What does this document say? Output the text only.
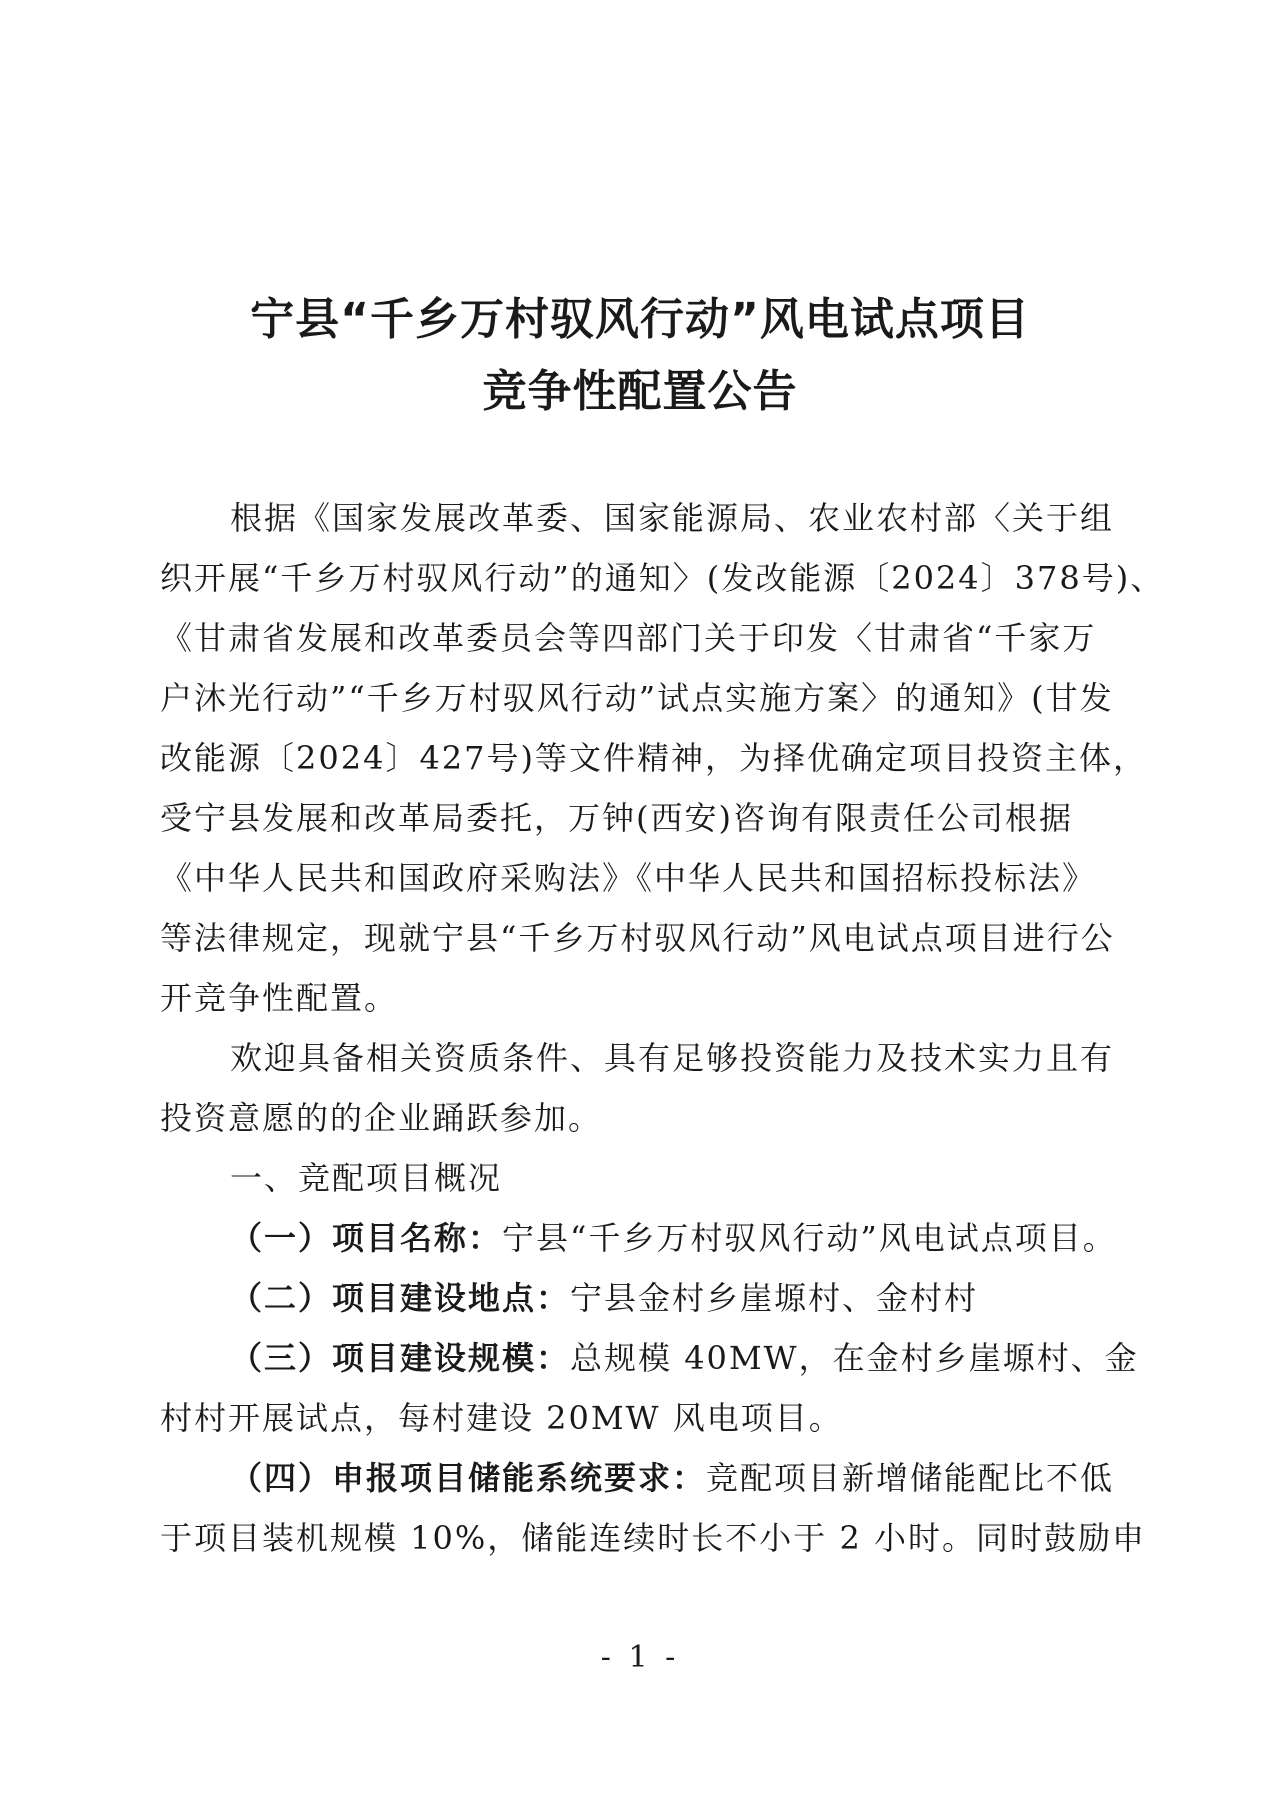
宁县“千乡万村驭风行动”风电试点项目
竞争性配置公告
根据《国家发展改革委、国家能源局、农业农村部〈关于组
织开展“千乡万村驭风行动”的通知〉(发改能源〔2024〕378号)、
《甘肃省发展和改革委员会等四部门关于印发〈甘肃省“千家万
户沐光行动”“千乡万村驭风行动”试点实施方案〉的通知》(甘发
改能源〔2024〕427号)等文件精神，为择优确定项目投资主体，
受宁县发展和改革局委托，万钟(西安)咨询有限责任公司根据
《中华人民共和国政府采购法》《中华人民共和国招标投标法》
等法律规定，现就宁县“千乡万村驭风行动”风电试点项目进行公
开竞争性配置。
欢迎具备相关资质条件、具有足够投资能力及技术实力且有
投资意愿的的企业踊跃参加。
一、竞配项目概况
（一）项目名称：宁县“千乡万村驭风行动”风电试点项目。
（二）项目建设地点：宁县金村乡崖塬村、金村村
（三）项目建设规模：总规模 40MW，在金村乡崖塬村、金
村村开展试点，每村建设 20MW 风电项目。
（四）申报项目储能系统要求：竞配项目新增储能配比不低
于项目装机规模 10%，储能连续时长不小于 2 小时。同时鼓励申
- 1 -
